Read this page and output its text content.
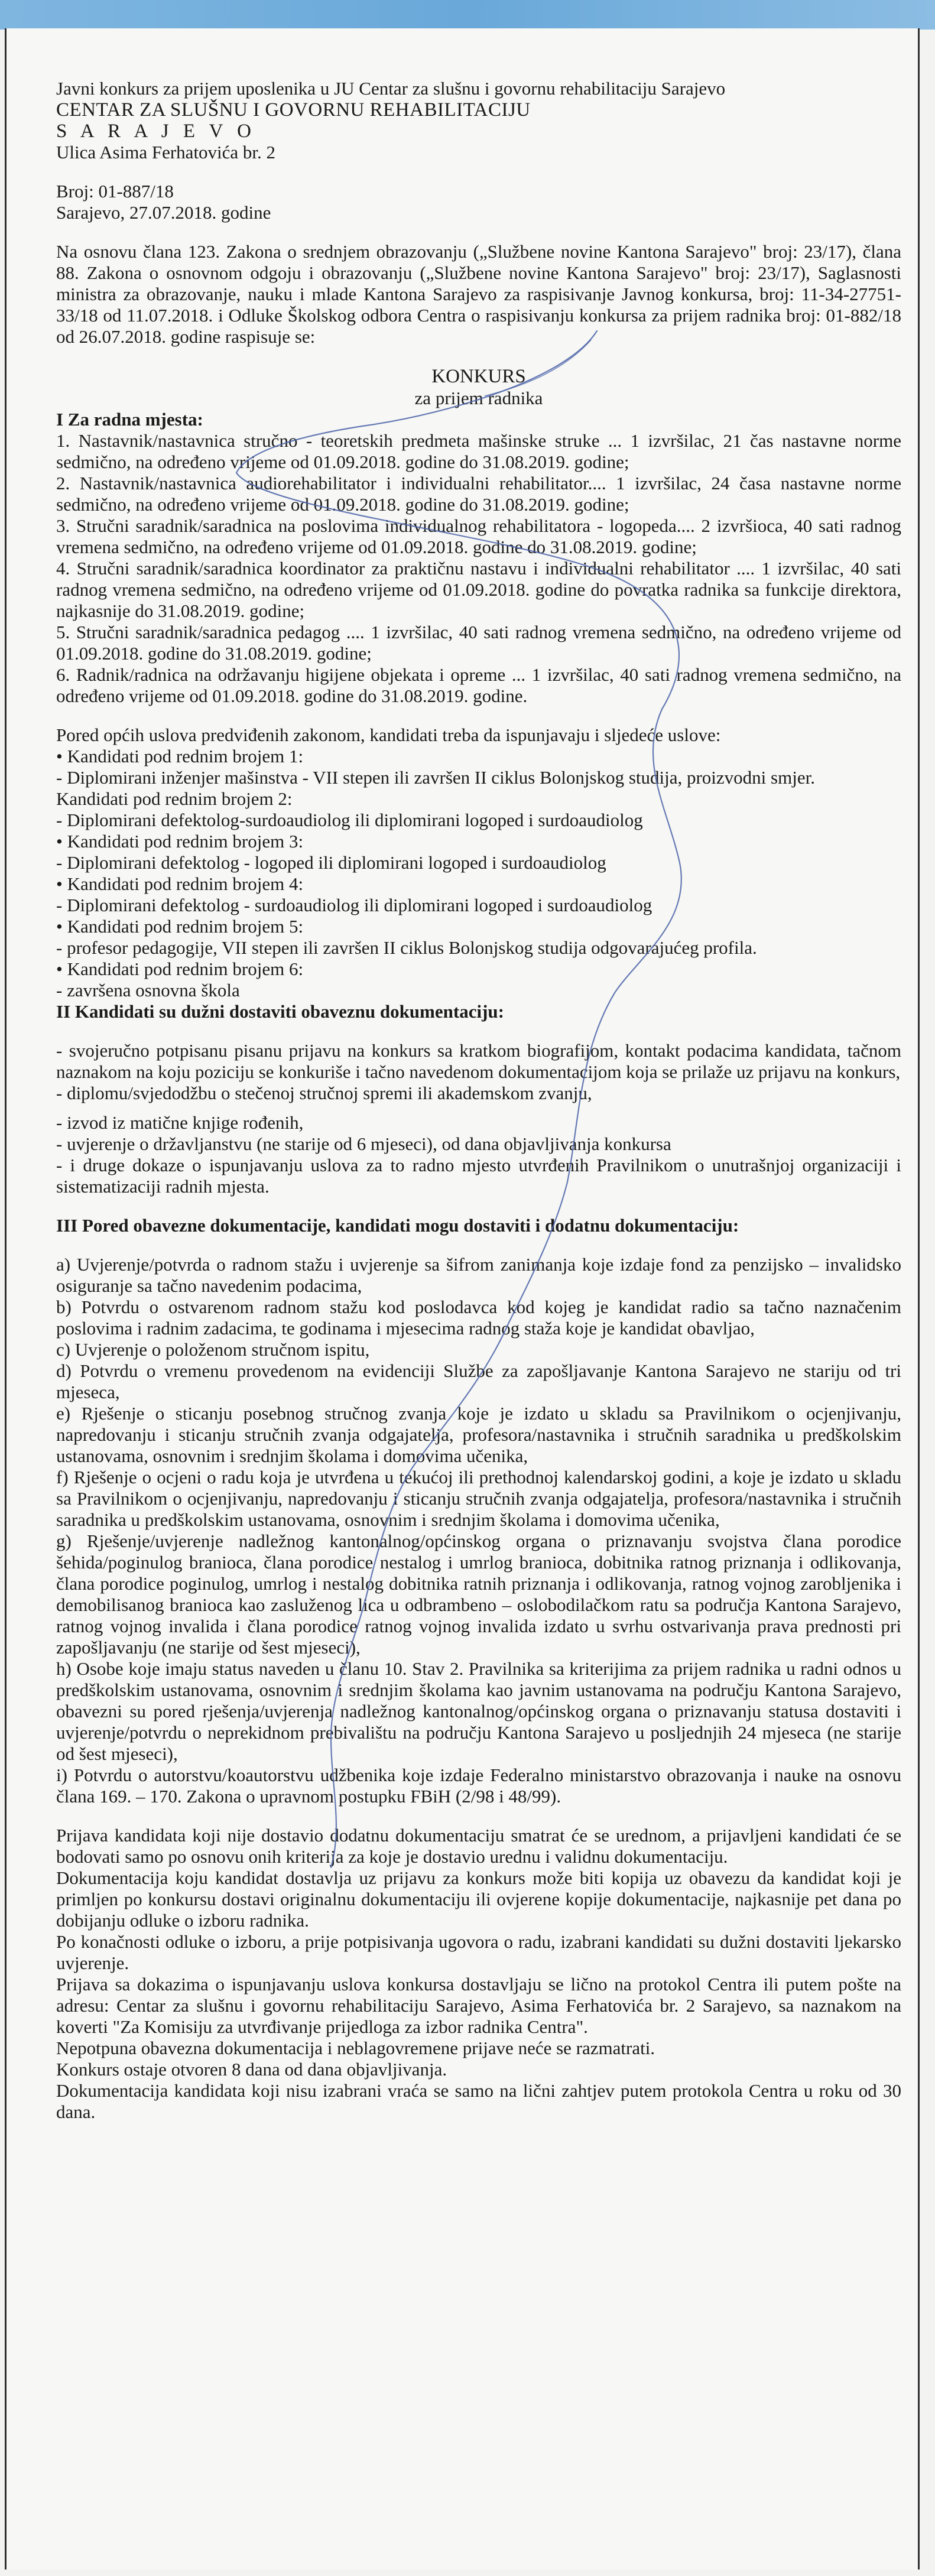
Javni konkurs za prijem uposlenika u JU Centar za slušnu i govornu rehabilitaciju Sarajevo

CENTAR ZA SLUŠNU I GOVORNU REHABILITACIJU

S A R A J E V O

Ulica Asima Ferhatovića br. 2

Broj: 01-887/18

Sarajevo, 27.07.2018. godine

Na osnovu člana 123. Zakona o srednjem obrazovanju („Službene novine Kantona Sarajevo" broj: 23/17), člana 88. Zakona o osnovnom odgoju i obrazovanju („Službene novine Kantona Sarajevo" broj: 23/17), Saglasnosti ministra za obrazovanje, nauku i mlade Kantona Sarajevo za raspisivanje Javnog konkursa, broj: 11-34-27751-33/18 od 11.07.2018. i Odluke Školskog odbora Centra o raspisivanju konkursa za prijem radnika broj: 01-882/18 od 26.07.2018. godine raspisuje se:

KONKURS

za prijem radnika

I Za radna mjesta:

1. Nastavnik/nastavnica stručno - teoretskih predmeta mašinske struke ... 1 izvršilac, 21 čas nastavne norme sedmično, na određeno vrijeme od 01.09.2018. godine do 31.08.2019. godine;

2. Nastavnik/nastavnica audiorehabilitator i individualni rehabilitator.... 1 izvršilac, 24 časa nastavne norme sedmično, na određeno vrijeme od 01.09.2018. godine do 31.08.2019. godine;

3. Stručni saradnik/saradnica na poslovima individualnog rehabilitatora - logopeda.... 2 izvršioca, 40 sati radnog vremena sedmično, na određeno vrijeme od 01.09.2018. godine do 31.08.2019. godine;

4. Stručni saradnik/saradnica koordinator za praktičnu nastavu i individualni rehabilitator .... 1 izvršilac, 40 sati radnog vremena sedmično, na određeno vrijeme od 01.09.2018. godine do povratka radnika sa funkcije direktora, najkasnije do 31.08.2019. godine;

5. Stručni saradnik/saradnica pedagog .... 1 izvršilac, 40 sati radnog vremena sedmično, na određeno vrijeme od 01.09.2018. godine do 31.08.2019. godine;

6. Radnik/radnica na održavanju higijene objekata i opreme ... 1 izvršilac, 40 sati radnog vremena sedmično, na određeno vrijeme od 01.09.2018. godine do 31.08.2019. godine.

Pored općih uslova predviđenih zakonom, kandidati treba da ispunjavaju i sljedeće uslove:

• Kandidati pod rednim brojem 1:

- Diplomirani inženjer mašinstva - VII stepen ili završen II ciklus Bolonjskog studija, proizvodni smjer.

Kandidati pod rednim brojem 2:

- Diplomirani defektolog-surdoaudiolog ili diplomirani logoped i surdoaudiolog

• Kandidati pod rednim brojem 3:

- Diplomirani defektolog - logoped ili diplomirani logoped i surdoaudiolog

• Kandidati pod rednim brojem 4:

- Diplomirani defektolog - surdoaudiolog ili diplomirani logoped i surdoaudiolog

• Kandidati pod rednim brojem 5:

- profesor pedagogije, VII stepen ili završen II ciklus Bolonjskog studija odgovarajućeg profila.

• Kandidati pod rednim brojem 6:

- završena osnovna škola

II Kandidati su dužni dostaviti obaveznu dokumentaciju:

- svojeručno potpisanu pisanu prijavu na konkurs sa kratkom biografijom, kontakt podacima kandidata, tačnom naznakom na koju poziciju se konkuriše i tačno navedenom dokumentacijom koja se prilaže uz prijavu na konkurs,

- diplomu/svjedodžbu o stečenoj stručnoj spremi ili akademskom zvanju,

- izvod iz matične knjige rođenih,

- uvjerenje o državljanstvu (ne starije od 6 mjeseci), od dana objavljivanja konkursa

- i druge dokaze o ispunjavanju uslova za to radno mjesto utvrđenih Pravilnikom o unutrašnjoj organizaciji i sistematizaciji radnih mjesta.

III Pored obavezne dokumentacije, kandidati mogu dostaviti i dodatnu dokumentaciju:

a) Uvjerenje/potvrda o radnom stažu i uvjerenje sa šifrom zanimanja koje izdaje fond za penzijsko – invalidsko osiguranje sa tačno navedenim podacima,

b) Potvrdu o ostvarenom radnom stažu kod poslodavca kod kojeg je kandidat radio sa tačno naznačenim poslovima i radnim zadacima, te godinama i mjesecima radnog staža koje je kandidat obavljao,

c) Uvjerenje o položenom stručnom ispitu,

d) Potvrdu o vremenu provedenom na evidenciji Službe za zapošljavanje Kantona Sarajevo ne stariju od tri mjeseca,

e) Rješenje o sticanju posebnog stručnog zvanja koje je izdato u skladu sa Pravilnikom o ocjenjivanju, napredovanju i sticanju stručnih zvanja odgajatelja, profesora/nastavnika i stručnih saradnika u predškolskim ustanovama, osnovnim i srednjim školama i domovima učenika,

f) Rješenje o ocjeni o radu koja je utvrđena u tekućoj ili prethodnoj kalendarskoj godini, a koje je izdato u skladu sa Pravilnikom o ocjenjivanju, napredovanju i sticanju stručnih zvanja odgajatelja, profesora/nastavnika i stručnih saradnika u predškolskim ustanovama, osnovnim i srednjim školama i domovima učenika,

g) Rješenje/uvjerenje nadležnog kantonalnog/općinskog organa o priznavanju svojstva člana porodice šehida/poginulog branioca, člana porodice nestalog i umrlog branioca, dobitnika ratnog priznanja i odlikovanja, člana porodice poginulog, umrlog i nestalog dobitnika ratnih priznanja i odlikovanja, ratnog vojnog zarobljenika i demobilisanog branioca kao zasluženog lica u odbrambeno – oslobodilačkom ratu sa područja Kantona Sarajevo, ratnog vojnog invalida i člana porodice ratnog vojnog invalida izdato u svrhu ostvarivanja prava prednosti pri zapošljavanju (ne starije od šest mjeseci),

h) Osobe koje imaju status naveden u članu 10. Stav 2. Pravilnika sa kriterijima za prijem radnika u radni odnos u predškolskim ustanovama, osnovnim i srednjim školama kao javnim ustanovama na području Kantona Sarajevo, obavezni su pored rješenja/uvjerenja nadležnog kantonalnog/općinskog organa o priznavanju statusa dostaviti i uvjerenje/potvrdu o neprekidnom prebivalištu na području Kantona Sarajevo u posljednjih 24 mjeseca (ne starije od šest mjeseci),

i) Potvrdu o autorstvu/koautorstvu udžbenika koje izdaje Federalno ministarstvo obrazovanja i nauke na osnovu člana 169. – 170. Zakona o upravnom postupku FBiH (2/98 i 48/99).

Prijava kandidata koji nije dostavio dodatnu dokumentaciju smatrat će se urednom, a prijavljeni kandidati će se bodovati samo po osnovu onih kriterija za koje je dostavio urednu i validnu dokumentaciju.

Dokumentacija koju kandidat dostavlja uz prijavu za konkurs može biti kopija uz obavezu da kandidat koji je primljen po konkursu dostavi originalnu dokumentaciju ili ovjerene kopije dokumentacije, najkasnije pet dana po dobijanju odluke o izboru radnika.

Po konačnosti odluke o izboru, a prije potpisivanja ugovora o radu, izabrani kandidati su dužni dostaviti ljekarsko uvjerenje.

Prijava sa dokazima o ispunjavanju uslova konkursa dostavljaju se lično na protokol Centra ili putem pošte na adresu: Centar za slušnu i govornu rehabilitaciju Sarajevo, Asima Ferhatovića br. 2 Sarajevo, sa naznakom na koverti "Za Komisiju za utvrđivanje prijedloga za izbor radnika Centra".

Nepotpuna obavezna dokumentacija i neblagovremene prijave neće se razmatrati.

Konkurs ostaje otvoren 8 dana od dana objavljivanja.

Dokumentacija kandidata koji nisu izabrani vraća se samo na lični zahtjev putem protokola Centra u roku od 30 dana.
